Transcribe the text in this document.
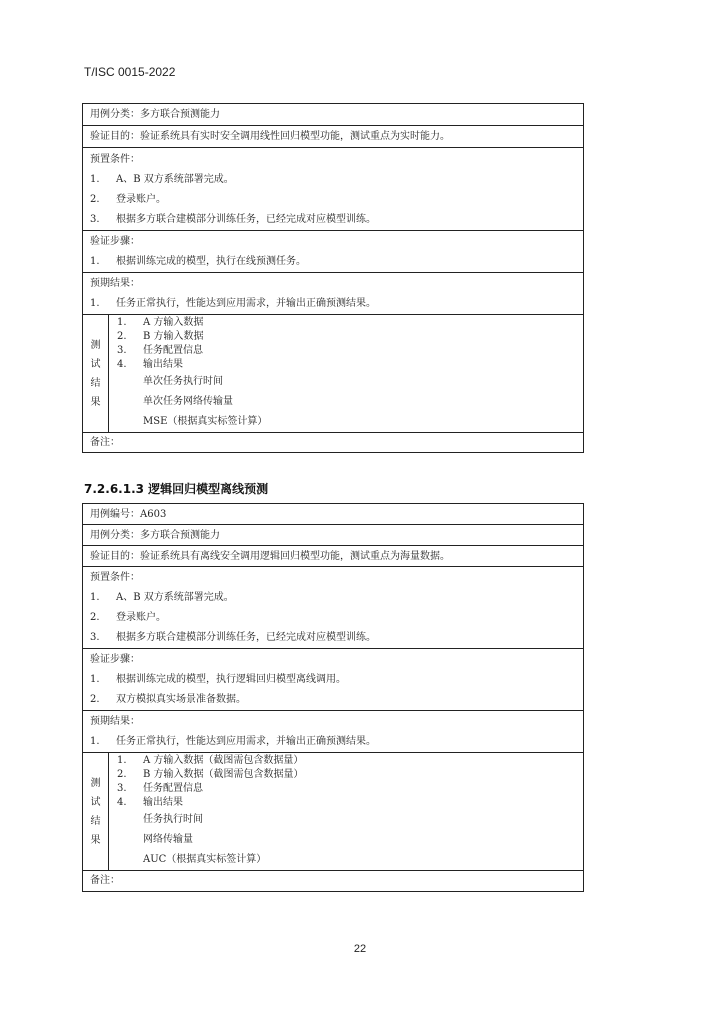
T/ISC 0015-2022
用例分类：多方联合预测能力
验证目的：验证系统具有实时安全调用线性回归模型功能，测试重点为实时能力。
预置条件：
1. A、B 双方系统部署完成。
2. 登录账户。
3. 根据多方联合建模部分训练任务，已经完成对应模型训练。
验证步骤：
1. 根据训练完成的模型，执行在线预测任务。
预期结果：
1. 任务正常执行，性能达到应用需求，并输出正确预测结果。
测
试
结
果
1. A 方输入数据
2. B 方输入数据
3. 任务配置信息
4. 输出结果
单次任务执行时间
单次任务网络传输量
MSE（根据真实标签计算）
备注：
7.2.6.1.3 逻辑回归模型离线预测
用例编号：A603
用例分类：多方联合预测能力
验证目的：验证系统具有离线安全调用逻辑回归模型功能，测试重点为海量数据。
预置条件：
1. A、B 双方系统部署完成。
2. 登录账户。
3. 根据多方联合建模部分训练任务，已经完成对应模型训练。
验证步骤：
1. 根据训练完成的模型，执行逻辑回归模型离线调用。
2. 双方模拟真实场景准备数据。
预期结果：
1. 任务正常执行，性能达到应用需求，并输出正确预测结果。
测
试
结
果
1. A 方输入数据（截图需包含数据量）
2. B 方输入数据（截图需包含数据量）
3. 任务配置信息
4. 输出结果
任务执行时间
网络传输量
AUC（根据真实标签计算）
备注：
22
